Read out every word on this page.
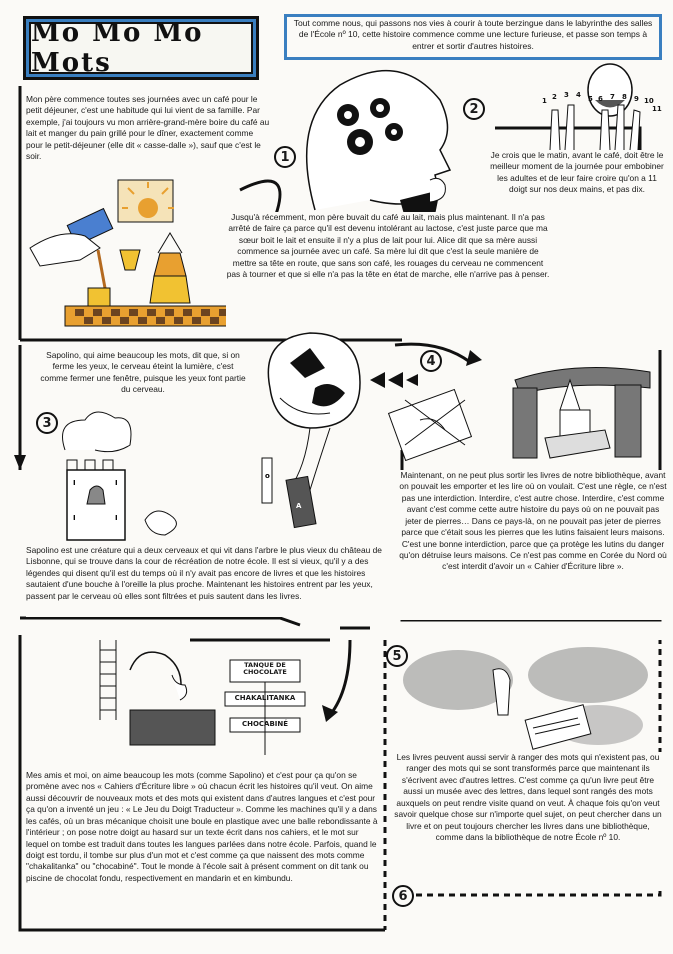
Mo Mo Mo Mots
Tout comme nous, qui passons nos vies à courir à toute berzingue dans le labyrinthe des salles de l'École nº 10, cette histoire commence comme une lecture furieuse, et passe son temps à entrer et sortir d'autres histoires.
Mon père commence toutes ses journées avec un café pour le petit déjeuner, c'est une habitude qui lui vient de sa famille. Par exemple, j'ai toujours vu mon arrière-grand-mère boire du café au lait et manger du pain grillé pour le dîner, exactement comme pour le petit-déjeuner (elle dit « casse-dalle »), sauf que c'est le soir.	1
1 2 3 4 5 6 7 8 9 10
11
2
Je crois que le matin, avant le café, doit être le meilleur moment de la journée pour embobiner les adultes et de leur faire croire qu'on a 11 doigt sur nos deux mains, et pas dix.
Jusqu'à récemment, mon père buvait du café au lait, mais plus maintenant. Il n'a pas arrêté de faire ça parce qu'il est devenu intolérant au lactose, c'est juste parce que ma sœur boit le lait et ensuite il n'y a plus de lait pour lui. Alice dit que sa mère aussi commence sa journée avec un café. Sa mère lui dit que c'est la seule manière de mettre sa tête en route, que sans son café, les rouages du cerveau ne commencent pas à tourner et que si elle n'a pas la tête en état de marche, elle n'arrive pas à penser.
Sapolino, qui aime beaucoup les mots, dit que, si on ferme les yeux, le cerveau éteint la lumière, c'est comme fermer une fenêtre, puisque les yeux font partie du cerveau.
o
A
4
I	I
I	I
3
Sapolino est une créature qui a deux cerveaux et qui vit dans l'arbre le plus vieux du château de Lisbonne, qui se trouve dans la cour de récréation de notre école. Il est si vieux, qu'il y a des légendes qui disent qu'il est du temps où il n'y avait pas encore de livres et que les histoires sautaient d'une bouche à l'oreille la plus proche. Maintenant les histoires entrent par les yeux, passent par le cerveau où elles sont filtrées et puis sautent dans les livres.
Maintenant, on ne peut plus sortir les livres de notre bibliothèque, avant on pouvait les emporter et les lire où on voulait. C'est une règle, ce n'est pas une interdiction. Interdire, c'est autre chose. Interdire, c'est comme avant c'est comme cette autre histoire du pays où on ne pouvait pas jeter de pierres… Dans ce pays-là, on ne pouvait pas jeter de pierres parce que c'était sous les pierres que les lutins faisaient leurs maisons. C'est une bonne interdiction, parce que ça protège les lutins du danger qu'on détruise leurs maisons. Ce n'est pas comme en Corée du Nord où c'est interdit d'avoir un « Cahier d'Écriture libre ».
TANQUE DE CHOCOLATE
CHAKALITANKA
CHOCABINÉ
5
Les livres peuvent aussi servir à ranger des mots qui n'existent pas, ou ranger des mots qui se sont transformés parce que maintenant ils s'écrivent avec d'autres lettres. C'est comme ça qu'un livre peut être aussi un musée avec des lettres, dans lequel sont rangés des mots auxquels on peut rendre visite quand on veut. À chaque fois qu'on veut savoir quelque chose sur n'importe quel sujet, on peut chercher dans un livre et on peut toujours chercher les livres dans une bibliothèque, comme dans la bibliothèque de notre École nº 10.
Mes amis et moi, on aime beaucoup les mots (comme Sapolino) et c'est pour ça qu'on se promène avec nos « Cahiers d'Écriture libre » où chacun écrit les histoires qu'il veut. On aime aussi découvrir de nouveaux mots et des mots qui existent dans d'autres langues et c'est pour ça qu'on a inventé un jeu : « Le Jeu du Doigt Traducteur ». Comme les machines qu'il y a dans les cafés, où un bras mécanique choisit une boule en plastique avec une balle rebondissante à l'intérieur ; on pose notre doigt au hasard sur un texte écrit dans nos cahiers, et le mot sur lequel on tombe est traduit dans toutes les langues parlées dans notre école. Parfois, quand le doigt est tordu, il tombe sur plus d'un mot et c'est comme ça que naissent des mots comme "chakalitanka" ou "chocabiné". Tout le monde à l'école sait à présent comment on dit tank ou piscine de chocolat fondu, respectivement en mandarin et en kimbundu.
6
